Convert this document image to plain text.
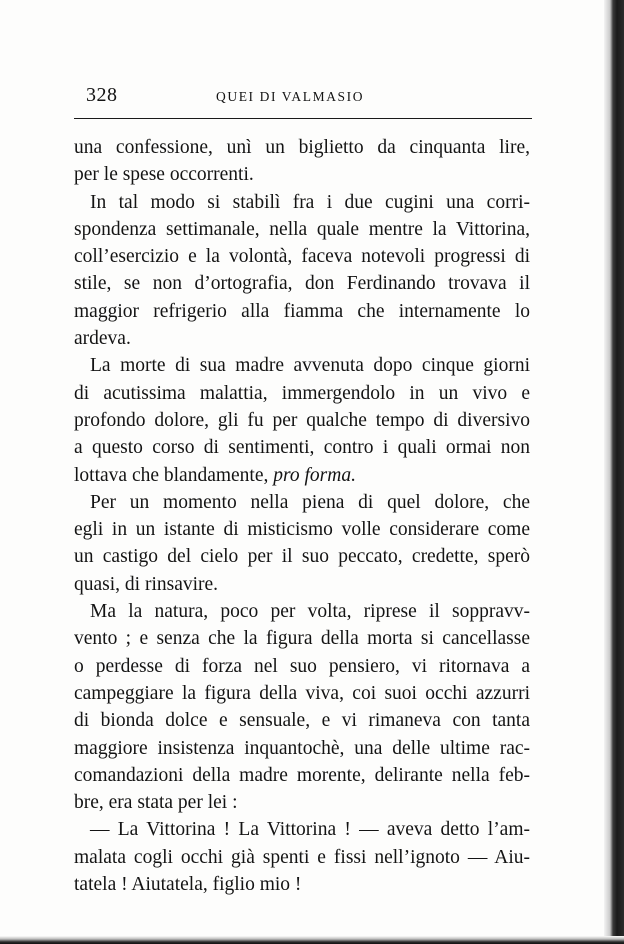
328	QUEI DI VALMASIO
una confessione, unì un biglietto da cinquanta lire,
per le spese occorrenti.
In tal modo si stabilì fra i due cugini una corri-
spondenza settimanale, nella quale mentre la Vittorina,
coll’esercizio e la volontà, faceva notevoli progressi di
stile, se non d’ortografia, don Ferdinando trovava il
maggior refrigerio alla fiamma che internamente lo
ardeva.
La morte di sua madre avvenuta dopo cinque giorni
di acutissima malattia, immergendolo in un vivo e
profondo dolore, gli fu per qualche tempo di diversivo
a questo corso di sentimenti, contro i quali ormai non
lottava che blandamente, pro forma.
Per un momento nella piena di quel dolore, che
egli in un istante di misticismo volle considerare come
un castigo del cielo per il suo peccato, credette, sperò
quasi, di rinsavire.
Ma la natura, poco per volta, riprese il soppravv-
vento ; e senza che la figura della morta si cancellasse
o perdesse di forza nel suo pensiero, vi ritornava a
campeggiare la figura della viva, coi suoi occhi azzurri
di bionda dolce e sensuale, e vi rimaneva con tanta
maggiore insistenza inquantochè, una delle ultime rac-
comandazioni della madre morente, delirante nella feb-
bre, era stata per lei :
— La Vittorina ! La Vittorina ! — aveva detto l’am-
malata cogli occhi già spenti e fissi nell’ignoto — Aiu-
tatela ! Aiutatela, figlio mio !
